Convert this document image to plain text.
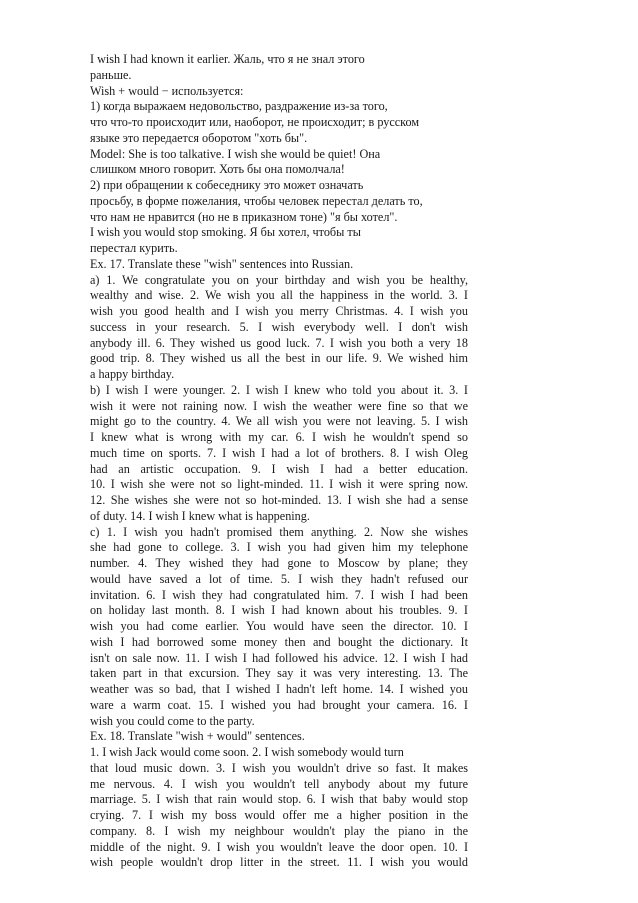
I wish I had known it earlier. Жаль, что я не знал этого
раньше.
Wish + would − используется:
1) когда выражаем недовольство, раздражение из-за того,
что что-то происходит или, наоборот, не происходит; в русском
языке это передается оборотом "хоть бы".
Model: She is too talkative. I wish she would be quiet! Она
слишком много говорит. Хоть бы она помолчала!
2) при обращении к собеседнику это может означать
просьбу, в форме пожелания, чтобы человек перестал делать то,
что нам не нравится (но не в приказном тоне) "я бы хотел".
I wish you would stop smoking. Я бы хотел, чтобы ты
перестал курить.
Ex. 17. Translate these "wish" sentences into Russian.
a) 1. We congratulate you on your birthday and wish you be healthy,
wealthy and wise. 2. We wish you all the happiness in the world. 3. I
wish you good health and I wish you merry Christmas. 4. I wish you
success in your research. 5. I wish everybody well. I don't wish
anybody ill. 6. They wished us good luck. 7. I wish you both a very 18
good trip. 8. They wished us all the best in our life. 9. We wished him
a happy birthday.
b) I wish I were younger. 2. I wish I knew who told you about it. 3. I
wish it were not raining now. I wish the weather were fine so that we
might go to the country. 4. We all wish you were not leaving. 5. I wish
I knew what is wrong with my car. 6. I wish he wouldn't spend so
much time on sports. 7. I wish I had a lot of brothers. 8. I wish Oleg
had an artistic occupation. 9. I wish I had a better education.
10. I wish she were not so light-minded. 11. I wish it were spring now.
12. She wishes she were not so hot-minded. 13. I wish she had a sense
of duty. 14. I wish I knew what is happening.
c) 1. I wish you hadn't promised them anything. 2. Now she wishes
she had gone to college. 3. I wish you had given him my telephone
number. 4. They wished they had gone to Moscow by plane; they
would have saved a lot of time. 5. I wish they hadn't refused our
invitation. 6. I wish they had congratulated him. 7. I wish I had been
on holiday last month. 8. I wish I had known about his troubles. 9. I
wish you had come earlier. You would have seen the director. 10. I
wish I had borrowed some money then and bought the dictionary. It
isn't on sale now. 11. I wish I had followed his advice. 12. I wish I had
taken part in that excursion. They say it was very interesting. 13. The
weather was so bad, that I wished I hadn't left home. 14. I wished you
ware a warm coat. 15. I wished you had brought your camera. 16. I
wish you could come to the party.
Ex. 18. Translate "wish + would" sentences.
1. I wish Jack would come soon. 2. I wish somebody would turn
that loud music down. 3. I wish you wouldn't drive so fast. It makes
me nervous. 4. I wish you wouldn't tell anybody about my future
marriage. 5. I wish that rain would stop. 6. I wish that baby would stop
crying. 7. I wish my boss would offer me a higher position in the
company. 8. I wish my neighbour wouldn't play the piano in the
middle of the night. 9. I wish you wouldn't leave the door open. 10. I
wish people wouldn't drop litter in the street. 11. I wish you would
